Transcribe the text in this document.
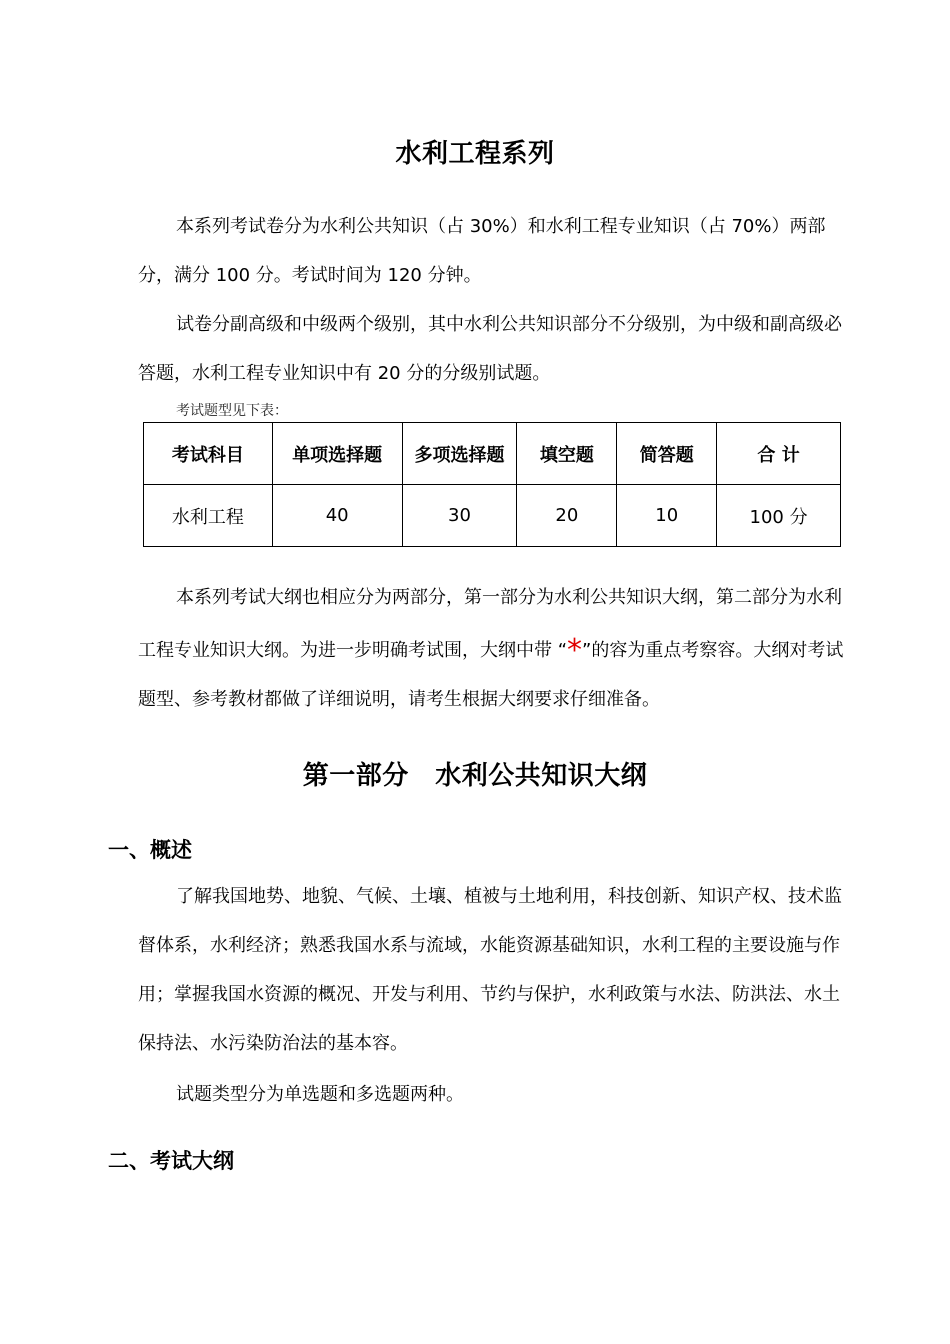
水利工程系列

本系列考试卷分为水利公共知识（占 30%）和水利工程专业知识（占 70%）两部分，满分 100 分。考试时间为 120 分钟。

试卷分副高级和中级两个级别，其中水利公共知识部分不分级别，为中级和副高级必答题，水利工程专业知识中有 20 分的分级别试题。

考试题型见下表：
考试科目	单项选择题	多项选择题	填空题	简答题	合 计
水利工程	40	30	20	10	100 分

本系列考试大纲也相应分为两部分，第一部分为水利公共知识大纲，第二部分为水利工程专业知识大纲。为进一步明确考试围，大纲中带 “*”的容为重点考察容。大纲对考试题型、参考教材都做了详细说明，请考生根据大纲要求仔细准备。

第一部分　水利公共知识大纲
一、概述

了解我国地势、地貌、气候、土壤、植被与土地利用，科技创新、知识产权、技术监督体系，水利经济；熟悉我国水系与流域，水能资源基础知识，水利工程的主要设施与作用；掌握我国水资源的概况、开发与利用、节约与保护，水利政策与水法、防洪法、水土保持法、水污染防治法的基本容。

试题类型分为单选题和多选题两种。

二、考试大纲
